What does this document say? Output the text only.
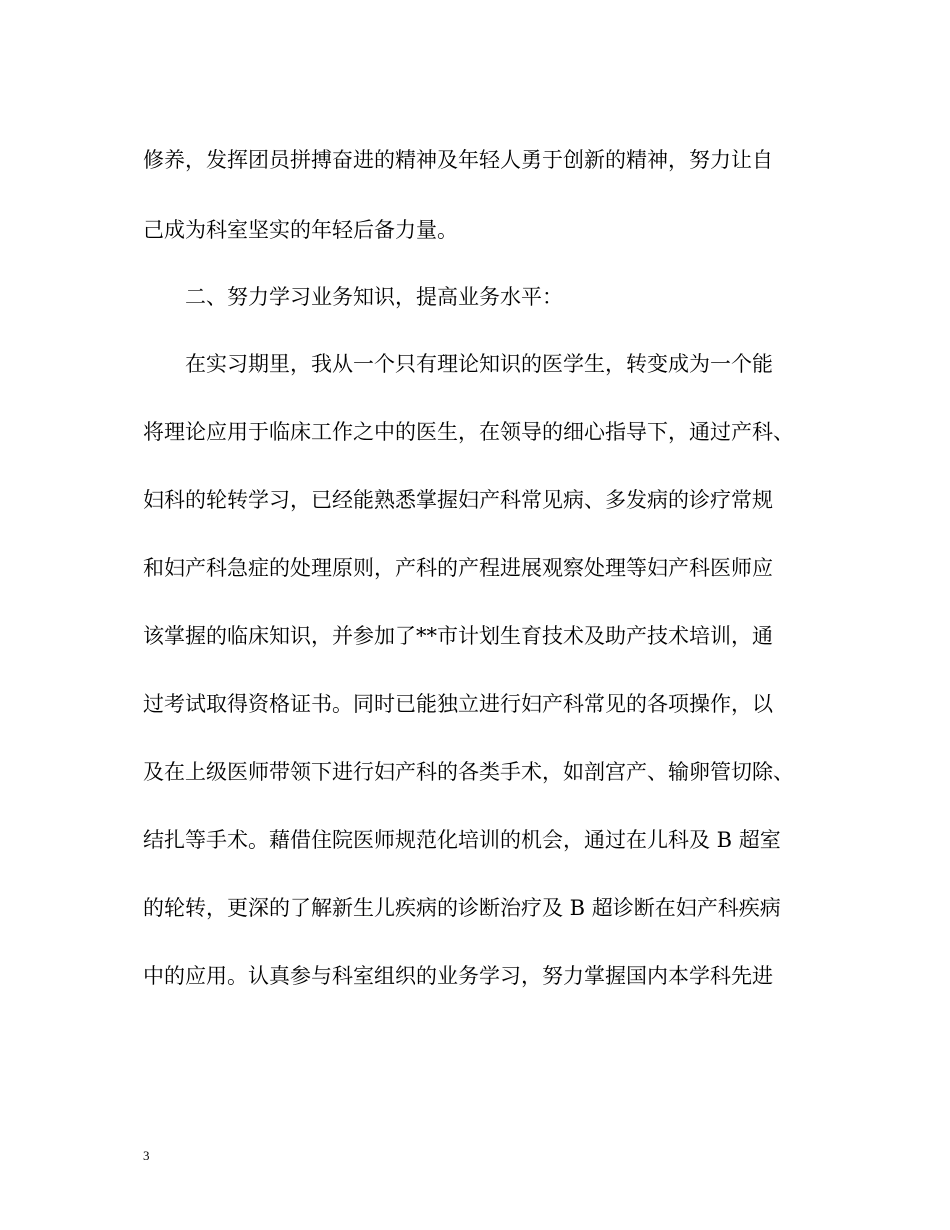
修养，发挥团员拼搏奋进的精神及年轻人勇于创新的精神，努力让自
己成为科室坚实的年轻后备力量。
二、努力学习业务知识，提高业务水平：
在实习期里，我从一个只有理论知识的医学生，转变成为一个能
将理论应用于临床工作之中的医生，在领导的细心指导下，通过产科、
妇科的轮转学习，已经能熟悉掌握妇产科常见病、多发病的诊疗常规
和妇产科急症的处理原则，产科的产程进展观察处理等妇产科医师应
该掌握的临床知识，并参加了**市计划生育技术及助产技术培训，通
过考试取得资格证书。同时已能独立进行妇产科常见的各项操作，以
及在上级医师带领下进行妇产科的各类手术，如剖宫产、输卵管切除、
结扎等手术。藉借住院医师规范化培训的机会，通过在儿科及 B 超室
的轮转，更深的了解新生儿疾病的诊断治疗及 B 超诊断在妇产科疾病
中的应用。认真参与科室组织的业务学习，努力掌握国内本学科先进
3
